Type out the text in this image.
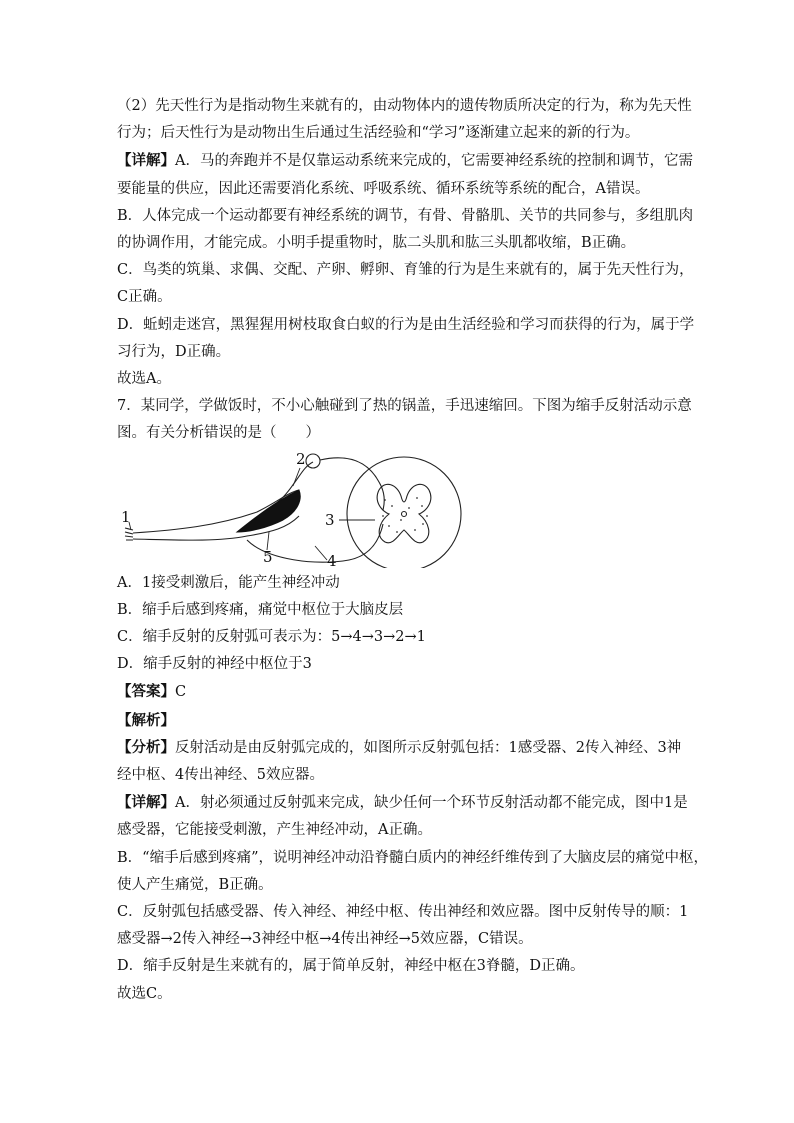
（2）先天性行为是指动物生来就有的，由动物体内的遗传物质所决定的行为，称为先天性

行为；后天性行为是动物出生后通过生活经验和“学习”逐渐建立起来的新的行为。

【详解】A．马的奔跑并不是仅靠运动系统来完成的，它需要神经系统的控制和调节，它需

要能量的供应，因此还需要消化系统、呼吸系统、循环系统等系统的配合，A错误。

B．人体完成一个运动都要有神经系统的调节，有骨、骨骼肌、关节的共同参与，多组肌肉

的协调作用，才能完成。小明手提重物时，肱二头肌和肱三头肌都收缩，B正确。

C．鸟类的筑巢、求偶、交配、产卵、孵卵、育雏的行为是生来就有的，属于先天性行为，

C正确。

D．蚯蚓走迷宫，黑猩猩用树枝取食白蚁的行为是由生活经验和学习而获得的行为，属于学

习行为，D正确。

故选A。

7．某同学，学做饭时，不小心触碰到了热的锅盖，手迅速缩回。下图为缩手反射活动示意

图。有关分析错误的是（　　）

1
2
3
4
5

A．1接受刺激后，能产生神经冲动

B．缩手后感到疼痛，痛觉中枢位于大脑皮层

C．缩手反射的反射弧可表示为：5→4→3→2→1

D．缩手反射的神经中枢位于3

【答案】C

【解析】

【分析】反射活动是由反射弧完成的，如图所示反射弧包括：1感受器、2传入神经、3神

经中枢、4传出神经、5效应器。

【详解】A．射必须通过反射弧来完成，缺少任何一个环节反射活动都不能完成，图中1是

感受器，它能接受刺激，产生神经冲动，A正确。

B．“缩手后感到疼痛”，说明神经冲动沿脊髓白质内的神经纤维传到了大脑皮层的痛觉中枢，

使人产生痛觉，B正确。

C．反射弧包括感受器、传入神经、神经中枢、传出神经和效应器。图中反射传导的顺：1

感受器→2传入神经→3神经中枢→4传出神经→5效应器，C错误。

D．缩手反射是生来就有的，属于简单反射，神经中枢在3脊髓，D正确。

故选C。
